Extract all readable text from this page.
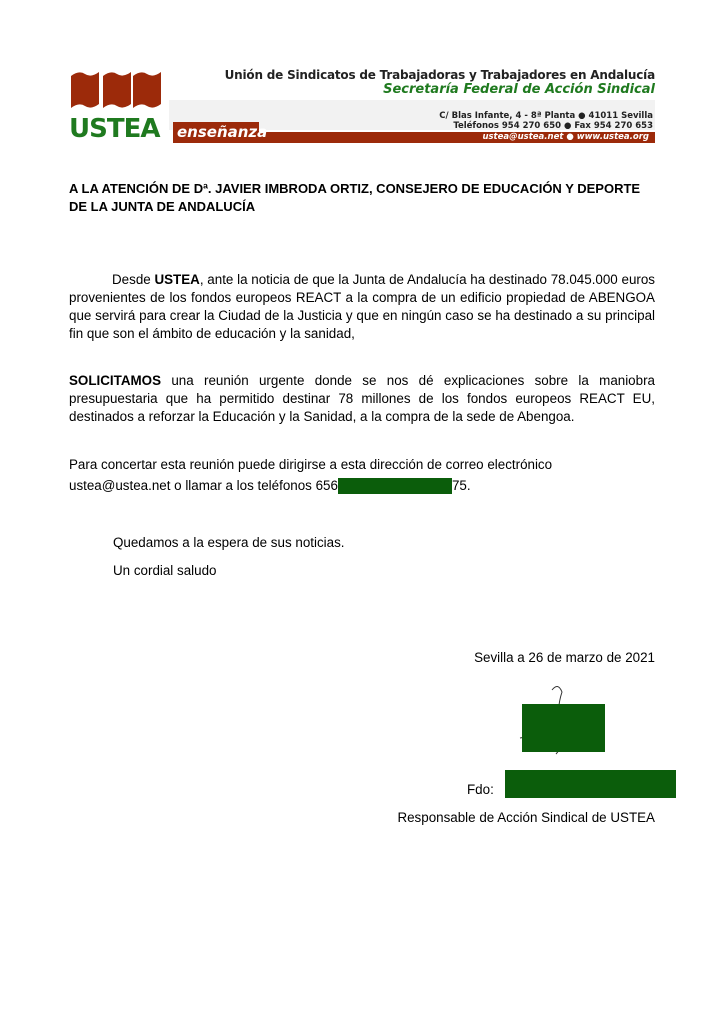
Unión de Sindicatos de Trabajadoras y Trabajadores en Andalucía
Secretaría Federal de Acción Sindical
C/ Blas Infante, 4 - 8ª Planta ● 41011 Sevilla
Teléfonos 954 270 650 ● Fax 954 270 653
ustea@ustea.net ● www.ustea.org
USTEA enseñanza
A LA ATENCIÓN DE Dª. JAVIER IMBRODA ORTIZ, CONSEJERO DE EDUCACIÓN Y DEPORTE DE LA JUNTA DE ANDALUCÍA
Desde USTEA, ante la noticia de que la Junta de Andalucía ha destinado 78.045.000 euros provenientes de los fondos europeos REACT a la compra de un edificio propiedad de ABENGOA que servirá para crear la Ciudad de la Justicia y que en ningún caso se ha destinado a su principal fin que son el ámbito de educación y la sanidad,
SOLICITAMOS una reunión urgente donde se nos dé explicaciones sobre la maniobra presupuestaria que ha permitido destinar 78 millones de los fondos europeos REACT EU, destinados a reforzar la Educación y la Sanidad, a la compra de la sede de Abengoa.
Para concertar esta reunión puede dirigirse a esta dirección de correo electrónico
ustea@ustea.net o llamar a los teléfonos 656	75.
Quedamos a la espera de sus noticias.
Un cordial saludo
Sevilla a 26 de marzo de 2021
Fdo:
Responsable de Acción Sindical de USTEA
